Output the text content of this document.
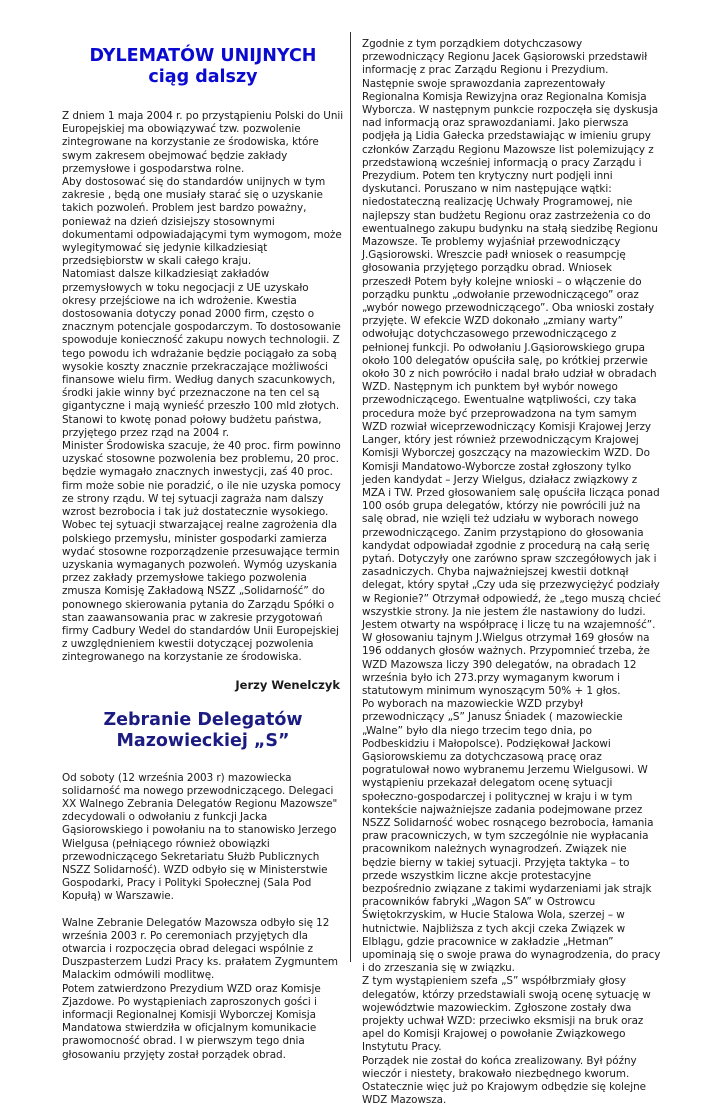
DYLEMATÓW UNIJNYCH
ciąg dalszy

Z dniem 1 maja 2004 r. po przystąpieniu Polski do Unii Europejskiej ma obowiązywać tzw. pozwolenie zintegrowane na korzystanie ze środowiska, które swym zakresem obejmować będzie zakłady przemysłowe i gospodarstwa rolne.

Aby dostosować się do standardów unijnych w tym zakresie , będą one musiały starać się o uzyskanie takich pozwoleń. Problem jest bardzo poważny, ponieważ na dzień dzisiejszy stosownymi dokumentami odpowiadającymi tym wymogom, może wylegitymować się jedynie kilkadziesiąt przedsiębiorstw w skali całego kraju.

Natomiast dalsze kilkadziesiąt zakładów przemysłowych w toku negocjacji z UE uzyskało okresy przejściowe na ich wdrożenie. Kwestia dostosowania dotyczy ponad 2000 firm, często o znacznym potencjale gospodarczym. To dostosowanie spowoduje konieczność zakupu nowych technologii. Z tego powodu ich wdrażanie będzie pociągało za sobą wysokie koszty znacznie przekraczające możliwości finansowe wielu firm. Według danych szacunkowych, środki jakie winny być przeznaczone na ten cel są gigantyczne i mają wynieść przeszło 100 mld złotych.

Stanowi to kwotę ponad połowy budżetu państwa, przyjętego przez rząd na 2004 r.

Minister Środowiska szacuje, że 40 proc. firm powinno uzyskać stosowne pozwolenia bez problemu, 20 proc. będzie wymagało znacznych inwestycji, zaś 40 proc. firm może sobie nie poradzić, o ile nie uzyska pomocy ze strony rządu. W tej sytuacji zagraża nam dalszy wzrost bezrobocia i tak już dostatecznie wysokiego. Wobec tej sytuacji stwarzającej realne zagrożenia dla polskiego przemysłu, minister gospodarki zamierza wydać stosowne rozporządzenie przesuwające termin uzyskania wymaganych pozwoleń. Wymóg uzyskania przez zakłady przemysłowe takiego pozwolenia zmusza Komisję Zakładową NSZZ „Solidarność” do ponownego skierowania pytania do Zarządu Spółki o stan zaawansowania prac w zakresie przygotowań firmy Cadbury Wedel do standardów Unii Europejskiej z uwzględnieniem kwestii dotyczącej pozwolenia zintegrowanego na korzystanie ze środowiska.

Jerzy Wenelczyk
Zebranie Delegatów
Mazowieckiej „S”

Od soboty (12 września 2003 r) mazowiecka solidarność ma nowego przewodniczącego. Delegaci XX Walnego Zebrania Delegatów Regionu Mazowsze" zdecydowali o odwołaniu z funkcji Jacka Gąsiorowskiego i powołaniu na to stanowisko Jerzego Wielgusa (pełniącego również obowiązki przewodniczącego Sekretariatu Służb Publicznych NSZZ Solidarność). WZD odbyło się w Ministerstwie Gospodarki, Pracy i Polityki Społecznej (Sala Pod Kopułą) w Warszawie.

Walne Zebranie Delegatów Mazowsza odbyło się 12 września 2003 r. Po ceremoniach przyjętych dla otwarcia i rozpoczęcia obrad delegaci wspólnie z Duszpasterzem Ludzi Pracy ks. prałatem Zygmuntem Malackim odmówili modlitwę.

Potem zatwierdzono Prezydium WZD oraz Komisje Zjazdowe. Po wystąpieniach zaproszonych gości i informacji Regionalnej Komisji Wyborczej Komisja Mandatowa stwierdziła w oficjalnym komunikacie prawomocność obrad. I w pierwszym tego dnia głosowaniu przyjęty został porządek obrad.

Zgodnie z tym porządkiem dotychczasowy przewodniczący Regionu Jacek Gąsiorowski przedstawił informację z prac Zarządu Regionu i Prezydium. Następnie swoje sprawozdania zaprezentowały Regionalna Komisja Rewizyjna oraz Regionalna Komisja Wyborcza. W następnym punkcie rozpoczęła się dyskusja nad informacją oraz sprawozdaniami. Jako pierwsza podjęła ją Lidia Gałecka przedstawiając w imieniu grupy członków Zarządu Regionu Mazowsze list polemizujący z przedstawioną wcześniej informacją o pracy Zarządu i Prezydium. Potem ten krytyczny nurt podjęli inni dyskutanci. Poruszano w nim następujące wątki: niedostateczną realizację Uchwały Programowej, nie najlepszy stan budżetu Regionu oraz zastrzeżenia co do ewentualnego zakupu budynku na stałą siedzibę Regionu Mazowsze. Te problemy wyjaśniał przewodniczący J.Gąsiorowski. Wreszcie padł wniosek o reasumpcję głosowania przyjętego porządku obrad. Wniosek przeszedł Potem były kolejne wnioski – o włączenie do porządku punktu „odwołanie przewodniczącego” oraz „wybór nowego przewodniczącego”. Oba wnioski zostały przyjęte. W efekcie WZD dokonało „zmiany warty” odwołując dotychczasowego przewodniczącego z pełnionej funkcji. Po odwołaniu J.Gąsiorowskiego grupa około 100 delegatów opuściła salę, po krótkiej przerwie około 30 z nich powróciło i nadal brało udział w obradach WZD. Następnym ich punktem był wybór nowego przewodniczącego. Ewentualne wątpliwości, czy taka procedura może być przeprowadzona na tym samym WZD rozwiał wiceprzewodniczący Komisji Krajowej Jerzy Langer, który jest również przewodniczącym Krajowej Komisji Wyborczej goszczący na mazowieckim WZD. Do Komisji Mandatowo-Wyborcze został zgłoszony tylko jeden kandydat – Jerzy Wielgus, działacz związkowy z MZA i TW. Przed głosowaniem salę opuściła licząca ponad 100 osób grupa delegatów, którzy nie powrócili już na salę obrad, nie wzięli też udziału w wyborach nowego przewodniczącego. Zanim przystąpiono do głosowania kandydat odpowiadał zgodnie z procedurą na całą serię pytań. Dotyczyły one zarówno spraw szczegółowych jak i zasadniczych. Chyba najważniejszej kwestii dotknął delegat, który spytał „Czy uda się przezwyciężyć podziały w Regionie?” Otrzymał odpowiedź, że „tego muszą chcieć wszystkie strony. Ja nie jestem źle nastawiony do ludzi. Jestem otwarty na współpracę i liczę tu na wzajemność”.

W głosowaniu tajnym J.Wielgus otrzymał 169 głosów na 196 oddanych głosów ważnych. Przypomnieć trzeba, że WZD Mazowsza liczy 390 delegatów, na obradach 12 września było ich 273.przy wymaganym kworum i statutowym minimum wynoszącym 50% + 1 głos.

Po wyborach na mazowieckie WZD przybył przewodniczący „S” Janusz Śniadek ( mazowieckie „Walne” było dla niego trzecim tego dnia, po Podbeskidziu i Małopolsce). Podziękował Jackowi Gąsiorowskiemu za dotychczasową pracę oraz pogratulował nowo wybranemu Jerzemu Wielgusowi. W wystąpieniu przekazał delegatom ocenę sytuacji społeczno-gospodarczej i politycznej w kraju i w tym kontekście najważniejsze zadania podejmowane przez NSZZ Solidarność wobec rosnącego bezrobocia, łamania praw pracowniczych, w tym szczególnie nie wypłacania pracownikom należnych wynagrodzeń. Związek nie będzie bierny w takiej sytuacji. Przyjęta taktyka – to przede wszystkim liczne akcje protestacyjne bezpośrednio związane z takimi wydarzeniami jak strajk pracowników fabryki „Wagon SA” w Ostrowcu Świętokrzyskim, w Hucie Stalowa Wola, szerzej – w hutnictwie. Najbliższa z tych akcji czeka Związek w Elblągu, gdzie pracownice w zakładzie „Hetman” upominają się o swoje prawa do wynagrodzenia, do pracy i do zrzeszania się w związku.

Z tym wystąpieniem szefa „S” współbrzmiały głosy delegatów, którzy przedstawiali swoją ocenę sytuację w województwie mazowieckim. Zgłoszone zostały dwa projekty uchwał WZD: przeciwko eksmisji na bruk oraz apel do Komisji Krajowej o powołanie Związkowego Instytutu Pracy.

Porządek nie został do końca zrealizowany. Był późny wieczór i niestety, brakowało niezbędnego kworum. Ostatecznie więc już po Krajowym odbędzie się kolejne WDZ Mazowsza.
